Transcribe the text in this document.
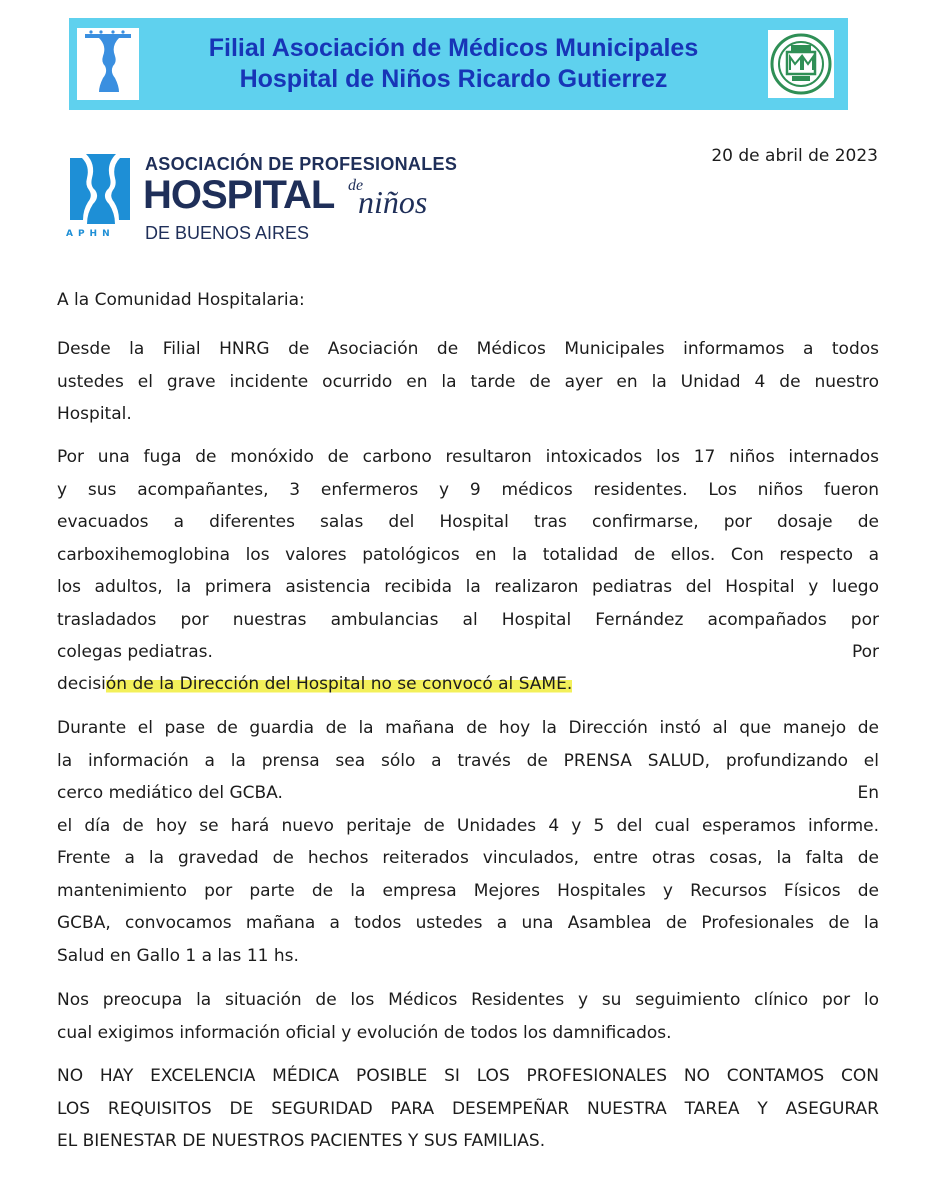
Filial Asociación de Médicos Municipales
Hospital de Niños Ricardo Gutierrez
APHN
ASOCIACIÓN DE PROFESIONALES
HOSPITAL de
niños
DE BUENOS AIRES
20 de abril de 2023
A la Comunidad Hospitalaria:
Desde la Filial HNRG de Asociación de Médicos Municipales informamos a todos
ustedes el grave incidente ocurrido en la tarde de ayer en la Unidad 4 de nuestro
Hospital.
Por una fuga de monóxido de carbono resultaron intoxicados los 17 niños internados
y sus acompañantes, 3 enfermeros y 9 médicos residentes. Los niños fueron
evacuados a diferentes salas del Hospital tras confirmarse, por dosaje de
carboxihemoglobina los valores patológicos en la totalidad de ellos. Con respecto a
los adultos, la primera asistencia recibida la realizaron pediatras del Hospital y luego
trasladados por nuestras ambulancias al Hospital Fernández acompañados por
colegas pediatras.	Por
decisión de la Dirección del Hospital no se convocó al SAME.
Durante el pase de guardia de la mañana de hoy la Dirección instó al que manejo de
la información a la prensa sea sólo a través de PRENSA SALUD, profundizando el
cerco mediático del GCBA.	En
el día de hoy se hará nuevo peritaje de Unidades 4 y 5 del cual esperamos informe.
Frente a la gravedad de hechos reiterados vinculados, entre otras cosas, la falta de
mantenimiento por parte de la empresa Mejores Hospitales y Recursos Físicos de
GCBA, convocamos mañana a todos ustedes a una Asamblea de Profesionales de la
Salud en Gallo 1 a las 11 hs.
Nos preocupa la situación de los Médicos Residentes y su seguimiento clínico por lo
cual exigimos información oficial y evolución de todos los damnificados.
NO HAY EXCELENCIA MÉDICA POSIBLE SI LOS PROFESIONALES NO CONTAMOS CON
LOS REQUISITOS DE SEGURIDAD PARA DESEMPEÑAR NUESTRA TAREA Y ASEGURAR
EL BIENESTAR DE NUESTROS PACIENTES Y SUS FAMILIAS.
